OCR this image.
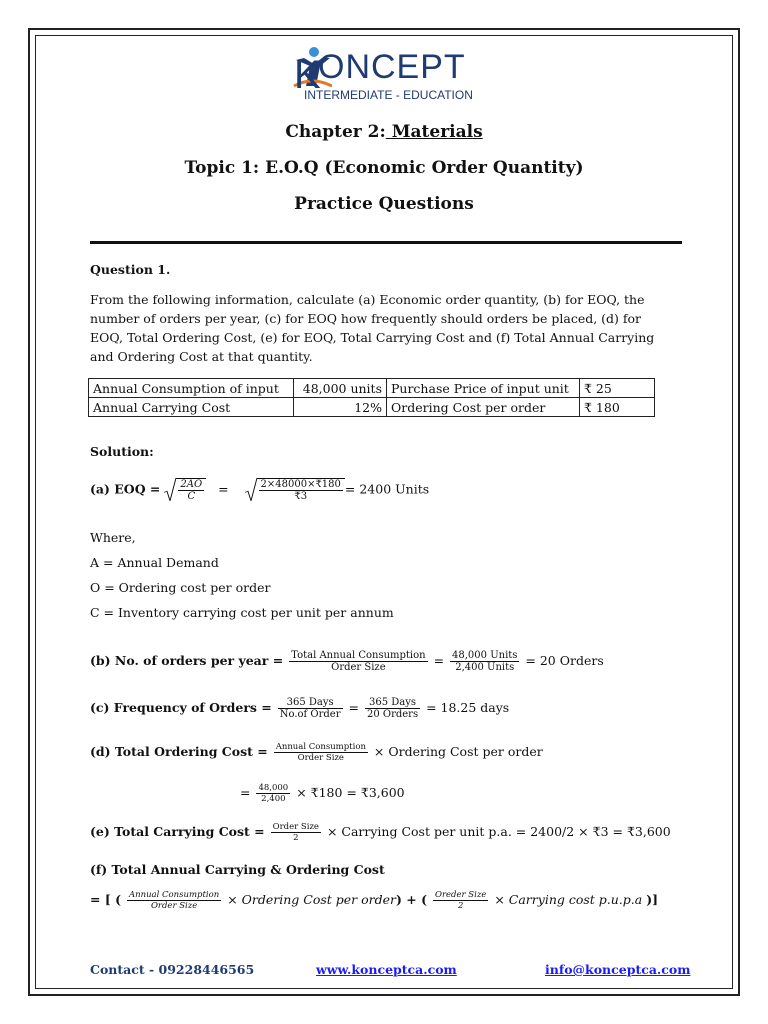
K
ONCEPT
INTERMEDIATE - EDUCATION
Chapter 2: Materials
Topic 1: E.O.Q (Economic Order Quantity)
Practice Questions
Question 1.
From the following information, calculate (a) Economic order quantity, (b) for EOQ, the
number of orders per year, (c) for EOQ how frequently should orders be placed, (d) for
EOQ, Total Ordering Cost, (e) for EOQ, Total Carrying Cost and (f) Total Annual Carrying
and Ordering Cost at that quantity.
Annual Consumption of input	48,000 units	Purchase Price of input unit	₹ 25
Annual Carrying Cost	12%	Ordering Cost per order	₹ 180
Solution:
(a) EOQ = $\frac{2AO}{C}$ =	$\frac{2\times 48000\times₹180}{₹3} = 2400$ Units
Where,
A = Annual Demand
O = Ordering cost per order
C = Inventory carrying cost per unit per annum
(b) No. of orders per year = $\frac{\text{Total Annual Consumption}}{\text{Order Size}} = \frac{\text{48,000 Units}}{\text{2,400 Units}} = 20$ Orders
(c) Frequency of Orders = $\frac{\text{365 Days}}{\text{No.of Order}} = \frac{\text{365 Days}}{\text{20 Orders}} = 18.25$ days
(d) Total Ordering Cost = $\frac{\text{Annual Consumption}}{\text{Order Size}}$ × Ordering Cost per order
= $\frac{48,000}{2,400}$ × ₹180 = ₹3,600
(e) Total Carrying Cost = $\frac{\text{Order Size}}{2}$ × Carrying Cost per unit p.a. = 2400/2 × ₹3 = ₹3,600
(f) Total Annual Carrying & Ordering Cost
= [ ( $\frac{\text{Annual Consumption}}{\text{Order Size}}$ × Ordering Cost per order) + ( $\frac{\text{Oreder Size}}{2}$ × Carrying cost p.u.p.a )]
Contact - 09228446565	www.konceptca.com	info@konceptca.com
